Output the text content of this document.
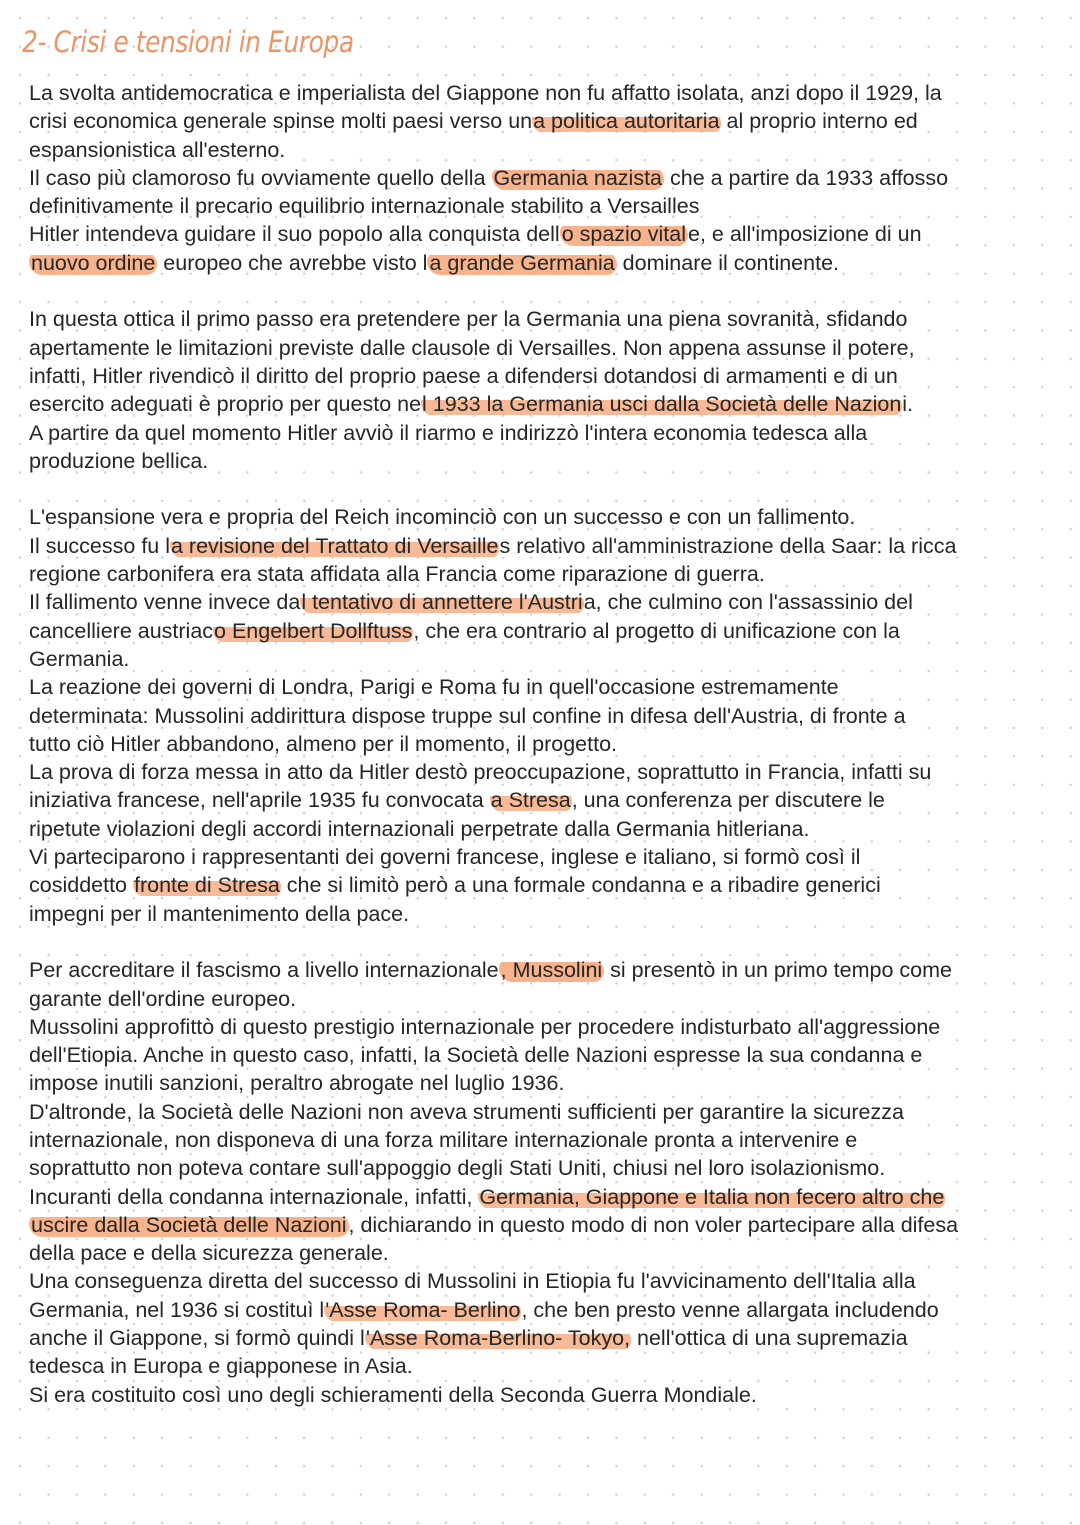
2- Crisi e tensioni in Europa
La svolta antidemocratica e imperialista del Giappone non fu affatto isolata, anzi dopo il 1929, la
crisi economica generale spinse molti paesi verso una politica autoritaria al proprio interno ed
espansionistica all'esterno.
Il caso più clamoroso fu ovviamente quello della Germania nazista che a partire da 1933 affosso
definitivamente il precario equilibrio internazionale stabilito a Versailles
Hitler intendeva guidare il suo popolo alla conquista dello spazio vitale, e all'imposizione di un
nuovo ordine europeo che avrebbe visto la grande Germania dominare il continente.
In questa ottica il primo passo era pretendere per la Germania una piena sovranità, sfidando
apertamente le limitazioni previste dalle clausole di Versailles. Non appena assunse il potere,
infatti, Hitler rivendicò il diritto del proprio paese a difendersi dotandosi di armamenti e di un
esercito adeguati è proprio per questo nel 1933 la Germania usci dalla Società delle Nazioni.
A partire da quel momento Hitler avviò il riarmo e indirizzò l'intera economia tedesca alla
produzione bellica.
L'espansione vera e propria del Reich incominciò con un successo e con un fallimento.
Il successo fu la revisione del Trattato di Versailles relativo all'amministrazione della Saar: la ricca
regione carbonifera era stata affidata alla Francia come riparazione di guerra.
Il fallimento venne invece dal tentativo di annettere l'Austria, che culmino con l'assassinio del
cancelliere austriaco Engelbert Dollftuss, che era contrario al progetto di unificazione con la
Germania.
La reazione dei governi di Londra, Parigi e Roma fu in quell'occasione estremamente
determinata: Mussolini addirittura dispose truppe sul confine in difesa dell'Austria, di fronte a
tutto ciò Hitler abbandono, almeno per il momento, il progetto.
La prova di forza messa in atto da Hitler destò preoccupazione, soprattutto in Francia, infatti su
iniziativa francese, nell'aprile 1935 fu convocata a Stresa, una conferenza per discutere le
ripetute violazioni degli accordi internazionali perpetrate dalla Germania hitleriana.
Vi parteciparono i rappresentanti dei governi francese, inglese e italiano, si formò così il
cosiddetto fronte di Stresa che si limitò però a una formale condanna e a ribadire generici
impegni per il mantenimento della pace.
Per accreditare il fascismo a livello internazionale, Mussolini si presentò in un primo tempo come
garante dell'ordine europeo.
Mussolini approfittò di questo prestigio internazionale per procedere indisturbato all'aggressione
dell'Etiopia. Anche in questo caso, infatti, la Società delle Nazioni espresse la sua condanna e
impose inutili sanzioni, peraltro abrogate nel luglio 1936.
D'altronde, la Società delle Nazioni non aveva strumenti sufficienti per garantire la sicurezza
internazionale, non disponeva di una forza militare internazionale pronta a intervenire e
soprattutto non poteva contare sull'appoggio degli Stati Uniti, chiusi nel loro isolazionismo.
Incuranti della condanna internazionale, infatti, Germania, Giappone e Italia non fecero altro che
uscire dalla Società delle Nazioni, dichiarando in questo modo di non voler partecipare alla difesa
della pace e della sicurezza generale.
Una conseguenza diretta del successo di Mussolini in Etiopia fu l'avvicinamento dell'Italia alla
Germania, nel 1936 si costituì l'Asse Roma- Berlino, che ben presto venne allargata includendo
anche il Giappone, si formò quindi l'Asse Roma-Berlino- Tokyo, nell'ottica di una supremazia
tedesca in Europa e giapponese in Asia.
Si era costituito così uno degli schieramenti della Seconda Guerra Mondiale.
